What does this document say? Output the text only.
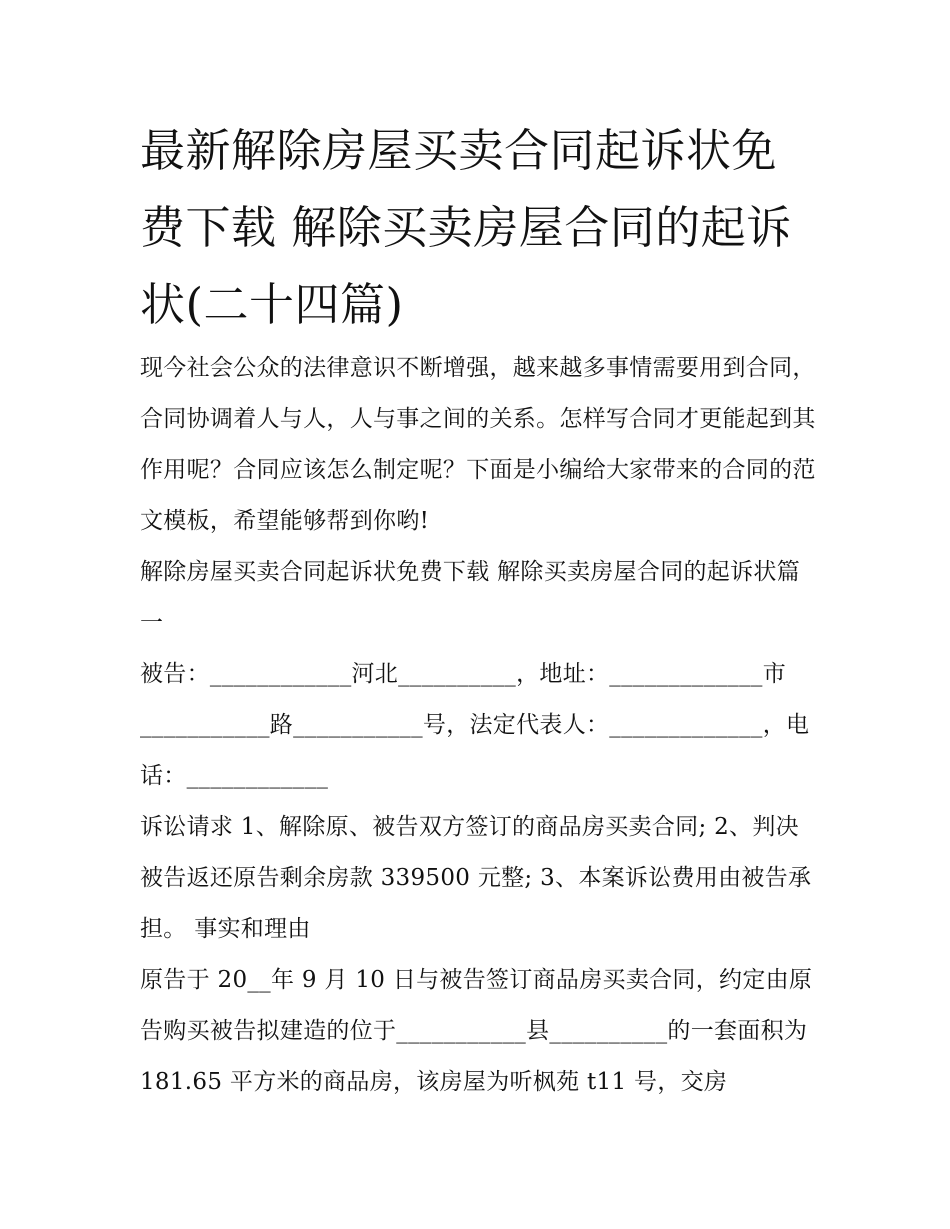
最新解除房屋买卖合同起诉状免费下载 解除买卖房屋合同的起诉状(二十四篇)

现今社会公众的法律意识不断增强，越来越多事情需要用到合同，合同协调着人与人，人与事之间的关系。怎样写合同才更能起到其作用呢？合同应该怎么制定呢？下面是小编给大家带来的合同的范文模板，希望能够帮到你哟!

解除房屋买卖合同起诉状免费下载 解除买卖房屋合同的起诉状篇一

被告：____________河北__________，地址：_____________市___________路___________号，法定代表人：_____________，电话：____________

诉讼请求 1、解除原、被告双方签订的商品房买卖合同; 2、判决被告返还原告剩余房款 339500 元整; 3、本案诉讼费用由被告承担。 事实和理由

原告于 20__年 9 月 10 日与被告签订商品房买卖合同，约定由原告购买被告拟建造的位于___________县__________的一套面积为 181.65 平方米的商品房，该房屋为听枫苑 t11 号，交房
